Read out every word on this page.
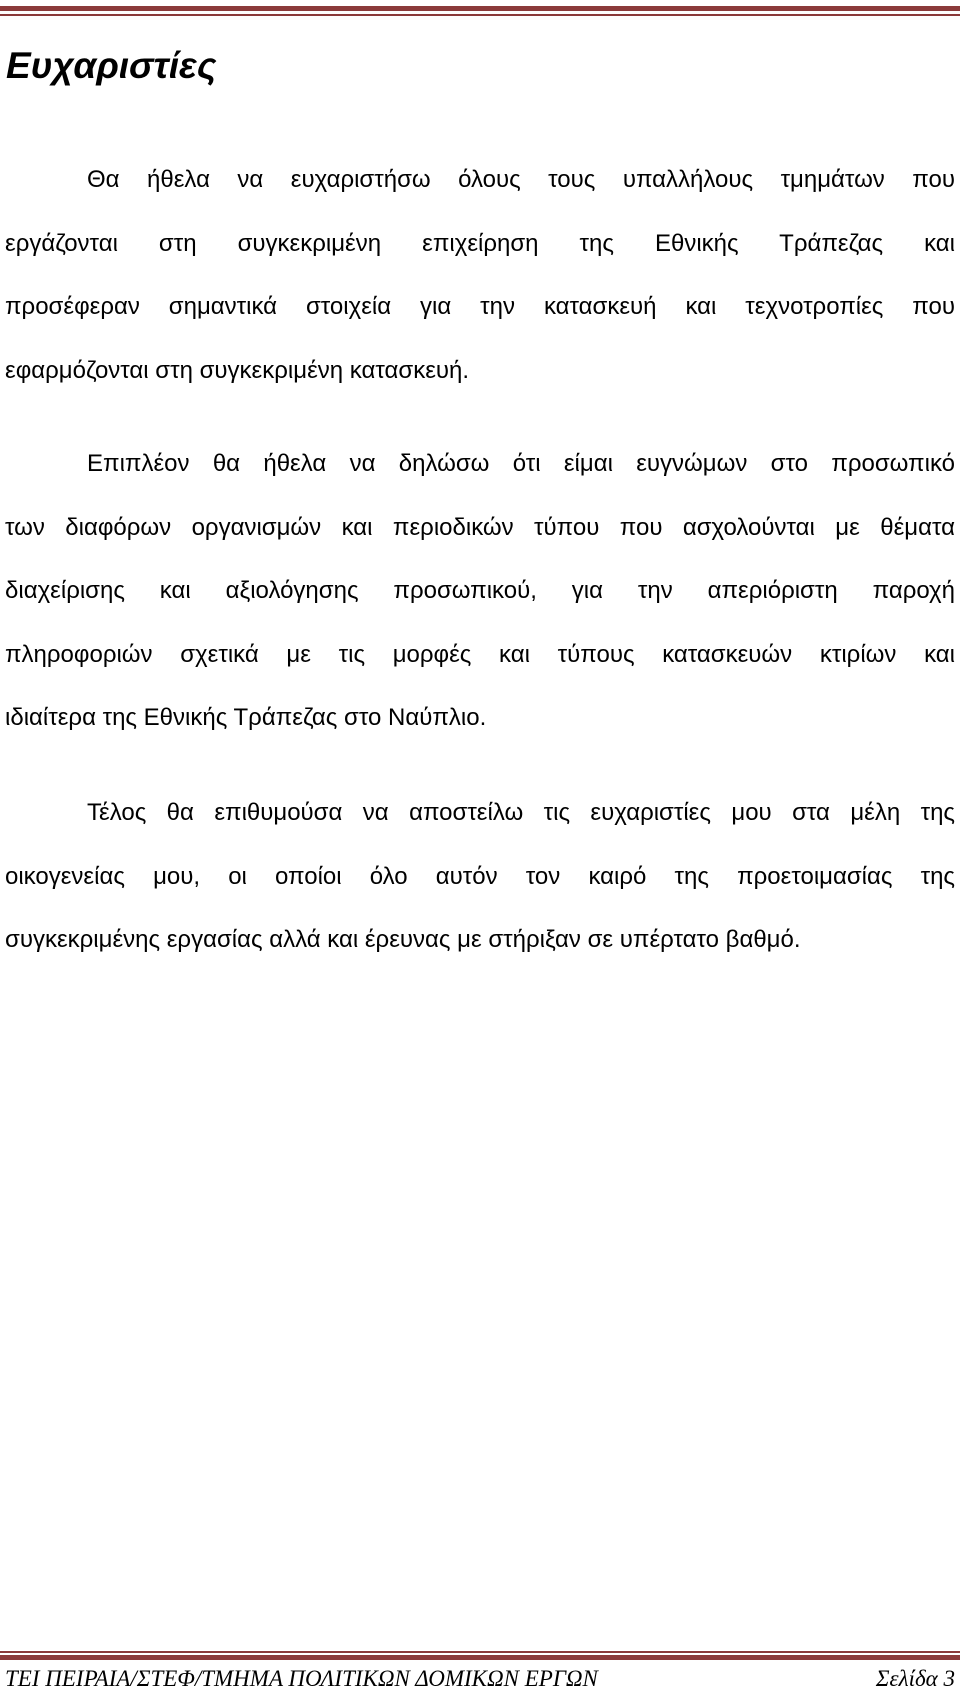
Ευχαριστίες
Θα ήθελα να ευχαριστήσω όλους τους υπαλλήλους τμημάτων που
εργάζονται στη συγκεκριμένη επιχείρηση της Εθνικής Τράπεζας και
προσέφεραν σημαντικά στοιχεία για την κατασκευή και τεχνοτροπίες που
εφαρμόζονται στη συγκεκριμένη κατασκευή.
Επιπλέον θα ήθελα να δηλώσω ότι είμαι ευγνώμων στο προσωπικό
των διαφόρων οργανισμών και περιοδικών τύπου που ασχολούνται με θέματα
διαχείρισης και αξιολόγησης προσωπικού, για την απεριόριστη παροχή
πληροφοριών σχετικά με τις μορφές και τύπους κατασκευών κτιρίων και
ιδιαίτερα της Εθνικής Τράπεζας στο Ναύπλιο.
Τέλος θα επιθυμούσα να αποστείλω τις ευχαριστίες μου στα μέλη της
οικογενείας μου, οι οποίοι όλο αυτόν τον καιρό της προετοιμασίας της
συγκεκριμένης εργασίας αλλά και έρευνας με στήριξαν σε υπέρτατο βαθμό.
ΤΕΙ ΠΕΙΡΑΙΑ/ΣΤΕΦ/ΤΜΗΜΑ ΠΟΛΙΤΙΚΩΝ ΔΟΜΙΚΩΝ ΕΡΓΩΝ	Σελίδα 3
